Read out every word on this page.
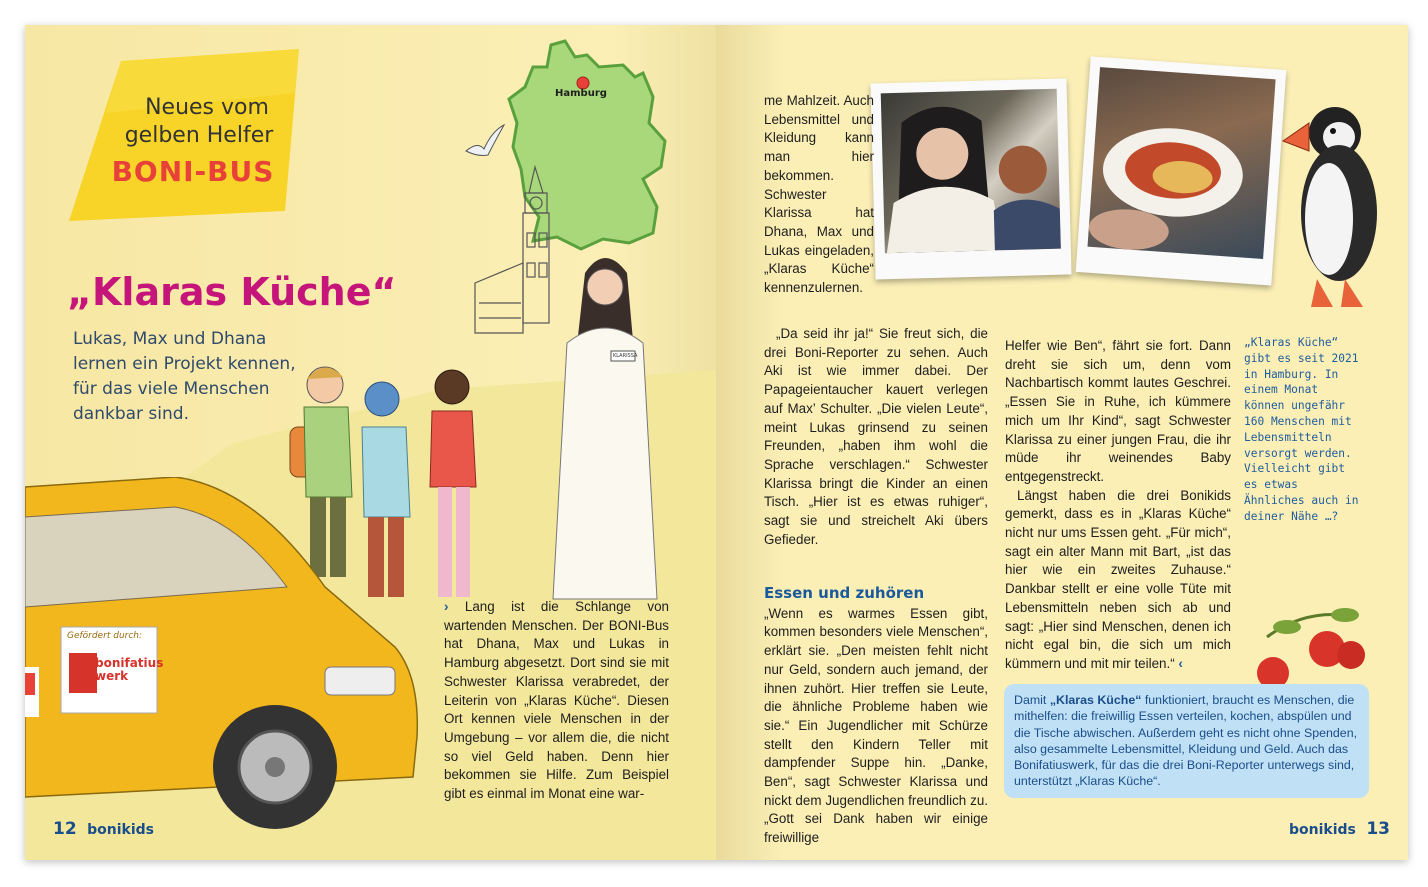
Neues vom
gelben Helfer
BONI-BUS
Hamburg
„Klaras Küche“
Lukas, Max und Dhana lernen ein Projekt kennen, für das viele Menschen dankbar sind.
KLARISSA
Gefördert durch:
bonifatius
werk

› Lang ist die Schlange von wartenden Menschen. Der BONI-Bus hat Dhana, Max und Lukas in Hamburg abgesetzt. Dort sind sie mit Schwester Klarissa verabredet, der Leiterin von „Klaras Küche“. Diesen Ort kennen viele Menschen in der Umgebung – vor allem die, die nicht so viel Geld haben. Denn hier bekommen sie Hilfe. Zum Beispiel gibt es einmal im Monat eine war-

me Mahlzeit. Auch Lebensmittel und Kleidung kann man hier bekommen. Schwester Klarissa hat Dhana, Max und Lukas eingeladen, „Klaras Küche“ kennenzulernen.

„Da seid ihr ja!“ Sie freut sich, die drei Boni-Reporter zu sehen. Auch Aki ist wie immer dabei. Der Papageientaucher kauert verlegen auf Max’ Schulter. „Die vielen Leute“, meint Lukas grinsend zu seinen Freunden, „haben ihm wohl die Sprache verschlagen.“ Schwester Klarissa bringt die Kinder an einen Tisch. „Hier ist es etwas ruhiger“, sagt sie und streichelt Aki übers Gefieder.

Essen und zuhören

„Wenn es warmes Essen gibt, kommen besonders viele Menschen“, erklärt sie. „Den meisten fehlt nicht nur Geld, sondern auch jemand, der ihnen zuhört. Hier treffen sie Leute, die ähnliche Probleme haben wie sie.“ Ein Jugendlicher mit Schürze stellt den Kindern Teller mit dampfender Suppe hin. „Danke, Ben“, sagt Schwester Klarissa und nickt dem Jugendlichen freundlich zu. „Gott sei Dank haben wir einige freiwillige

Helfer wie Ben“, fährt sie fort. Dann dreht sie sich um, denn vom Nachbartisch kommt lautes Geschrei. „Essen Sie in Ruhe, ich kümmere mich um Ihr Kind“, sagt Schwester Klarissa zu einer jungen Frau, die ihr müde ihr weinendes Baby entgegenstreckt.

Längst haben die drei Bonikids gemerkt, dass es in „Klaras Küche“ nicht nur ums Essen geht. „Für mich“, sagt ein alter Mann mit Bart, „ist das hier wie ein zweites Zuhause.“ Dankbar stellt er eine volle Tüte mit Lebensmitteln neben sich ab und sagt: „Hier sind Menschen, denen ich nicht egal bin, die sich um mich kümmern und mit mir teilen.“ ‹

„Klaras Küche“ gibt es seit 2021 in Hamburg. In einem Monat können ungefähr 160 Menschen mit Lebensmitteln versorgt werden. Vielleicht gibt es etwas Ähnliches auch in deiner Nähe …?
Damit „Klaras Küche“ funktioniert, braucht es Menschen, die mithelfen: die freiwillig Essen verteilen, kochen, abspülen und die Tische abwischen. Außerdem geht es nicht ohne Spenden, also gesammelte Lebensmittel, Kleidung und Geld. Auch das Bonifatiuswerk, für das die drei Boni-Reporter unterwegs sind, unterstützt „Klaras Küche“.
12 bonikids	bonikids 13
